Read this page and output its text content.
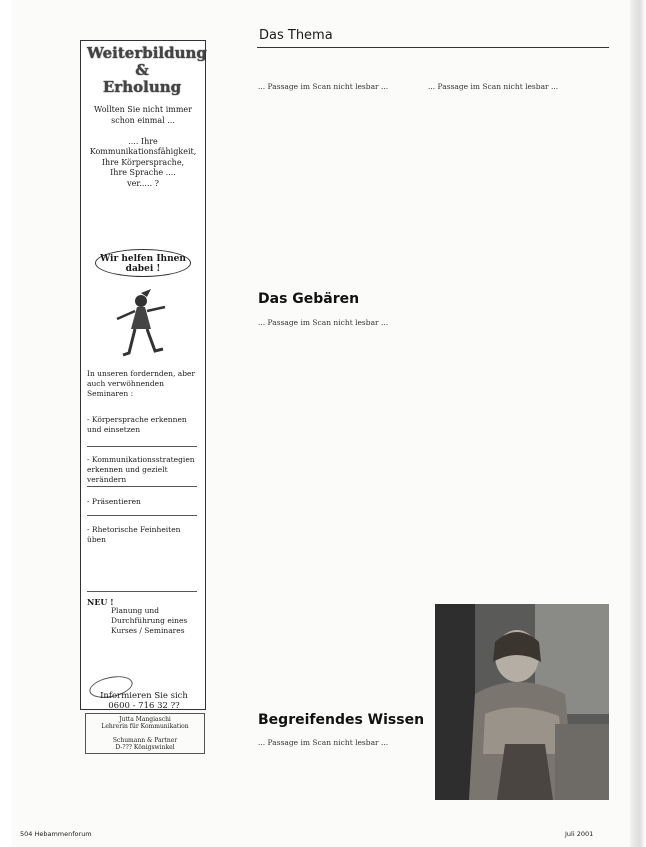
Das Thema
Weiterbildung
&
Erholung
Wollten Sie nicht immer schon einmal ...

.... Ihre Kommunikationsfähigkeit,
Ihre Körpersprache,
Ihre Sprache ....
ver..... ?
Wir helfen Ihnen dabei !
In unseren fordernden, aber auch verwöhnenden Seminaren :
- Körpersprache erkennen und einsetzen
- Kommunikationsstrategien erkennen und gezielt verändern
- Präsentieren
- Rhetorische Feinheiten üben
NEU !
Planung und Durchführung eines Kurses / Seminares
Informieren Sie sich
0600 - 716 32 ??
Jutta Mangiaschi
Lehrerin für Kommunikation

Schumann & Partner
D-??? Königswinkel
... Passage im Scan nicht lesbar ...
Das Gebären
... Passage im Scan nicht lesbar ...
Begreifendes Wissen
... Passage im Scan nicht lesbar ...
... Passage im Scan nicht lesbar ...
504 Hebammenforum	Juli 2001
